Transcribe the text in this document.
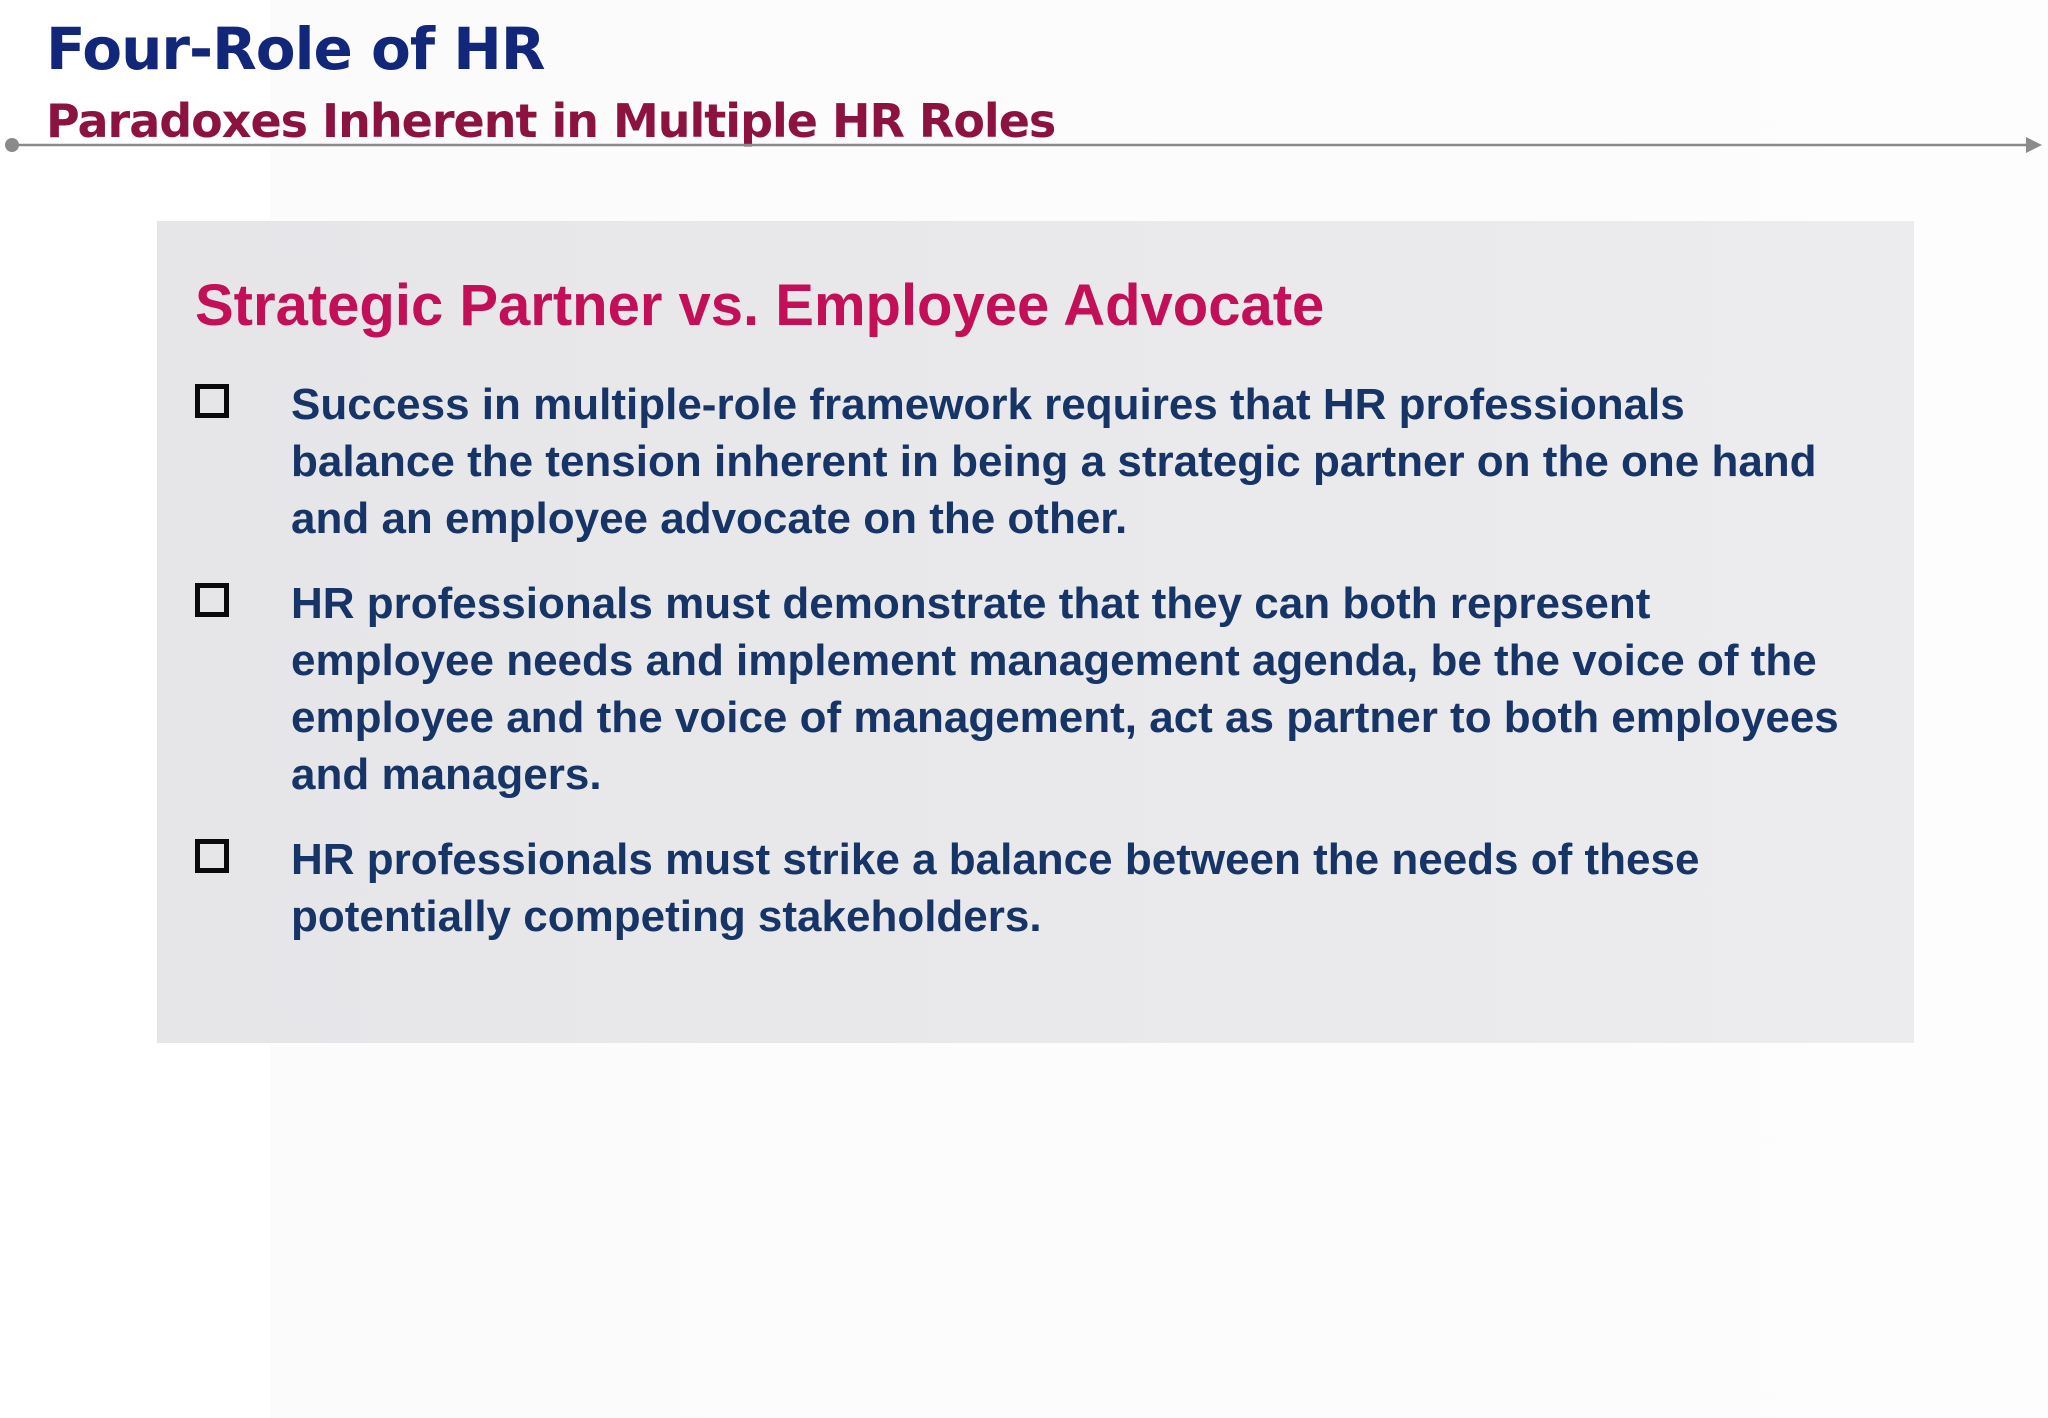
Four-Role of HR
Paradoxes Inherent in Multiple HR Roles
Strategic Partner vs. Employee Advocate

Success in multiple-role framework requires that HR professionals balance the tension inherent in being a strategic partner on the one hand and an employee advocate on the other.

HR professionals must demonstrate that they can both represent employee needs and implement management agenda, be the voice of the employee and the voice of management, act as partner to both employees and managers.

HR professionals must strike a balance between the needs of these potentially competing stakeholders.
